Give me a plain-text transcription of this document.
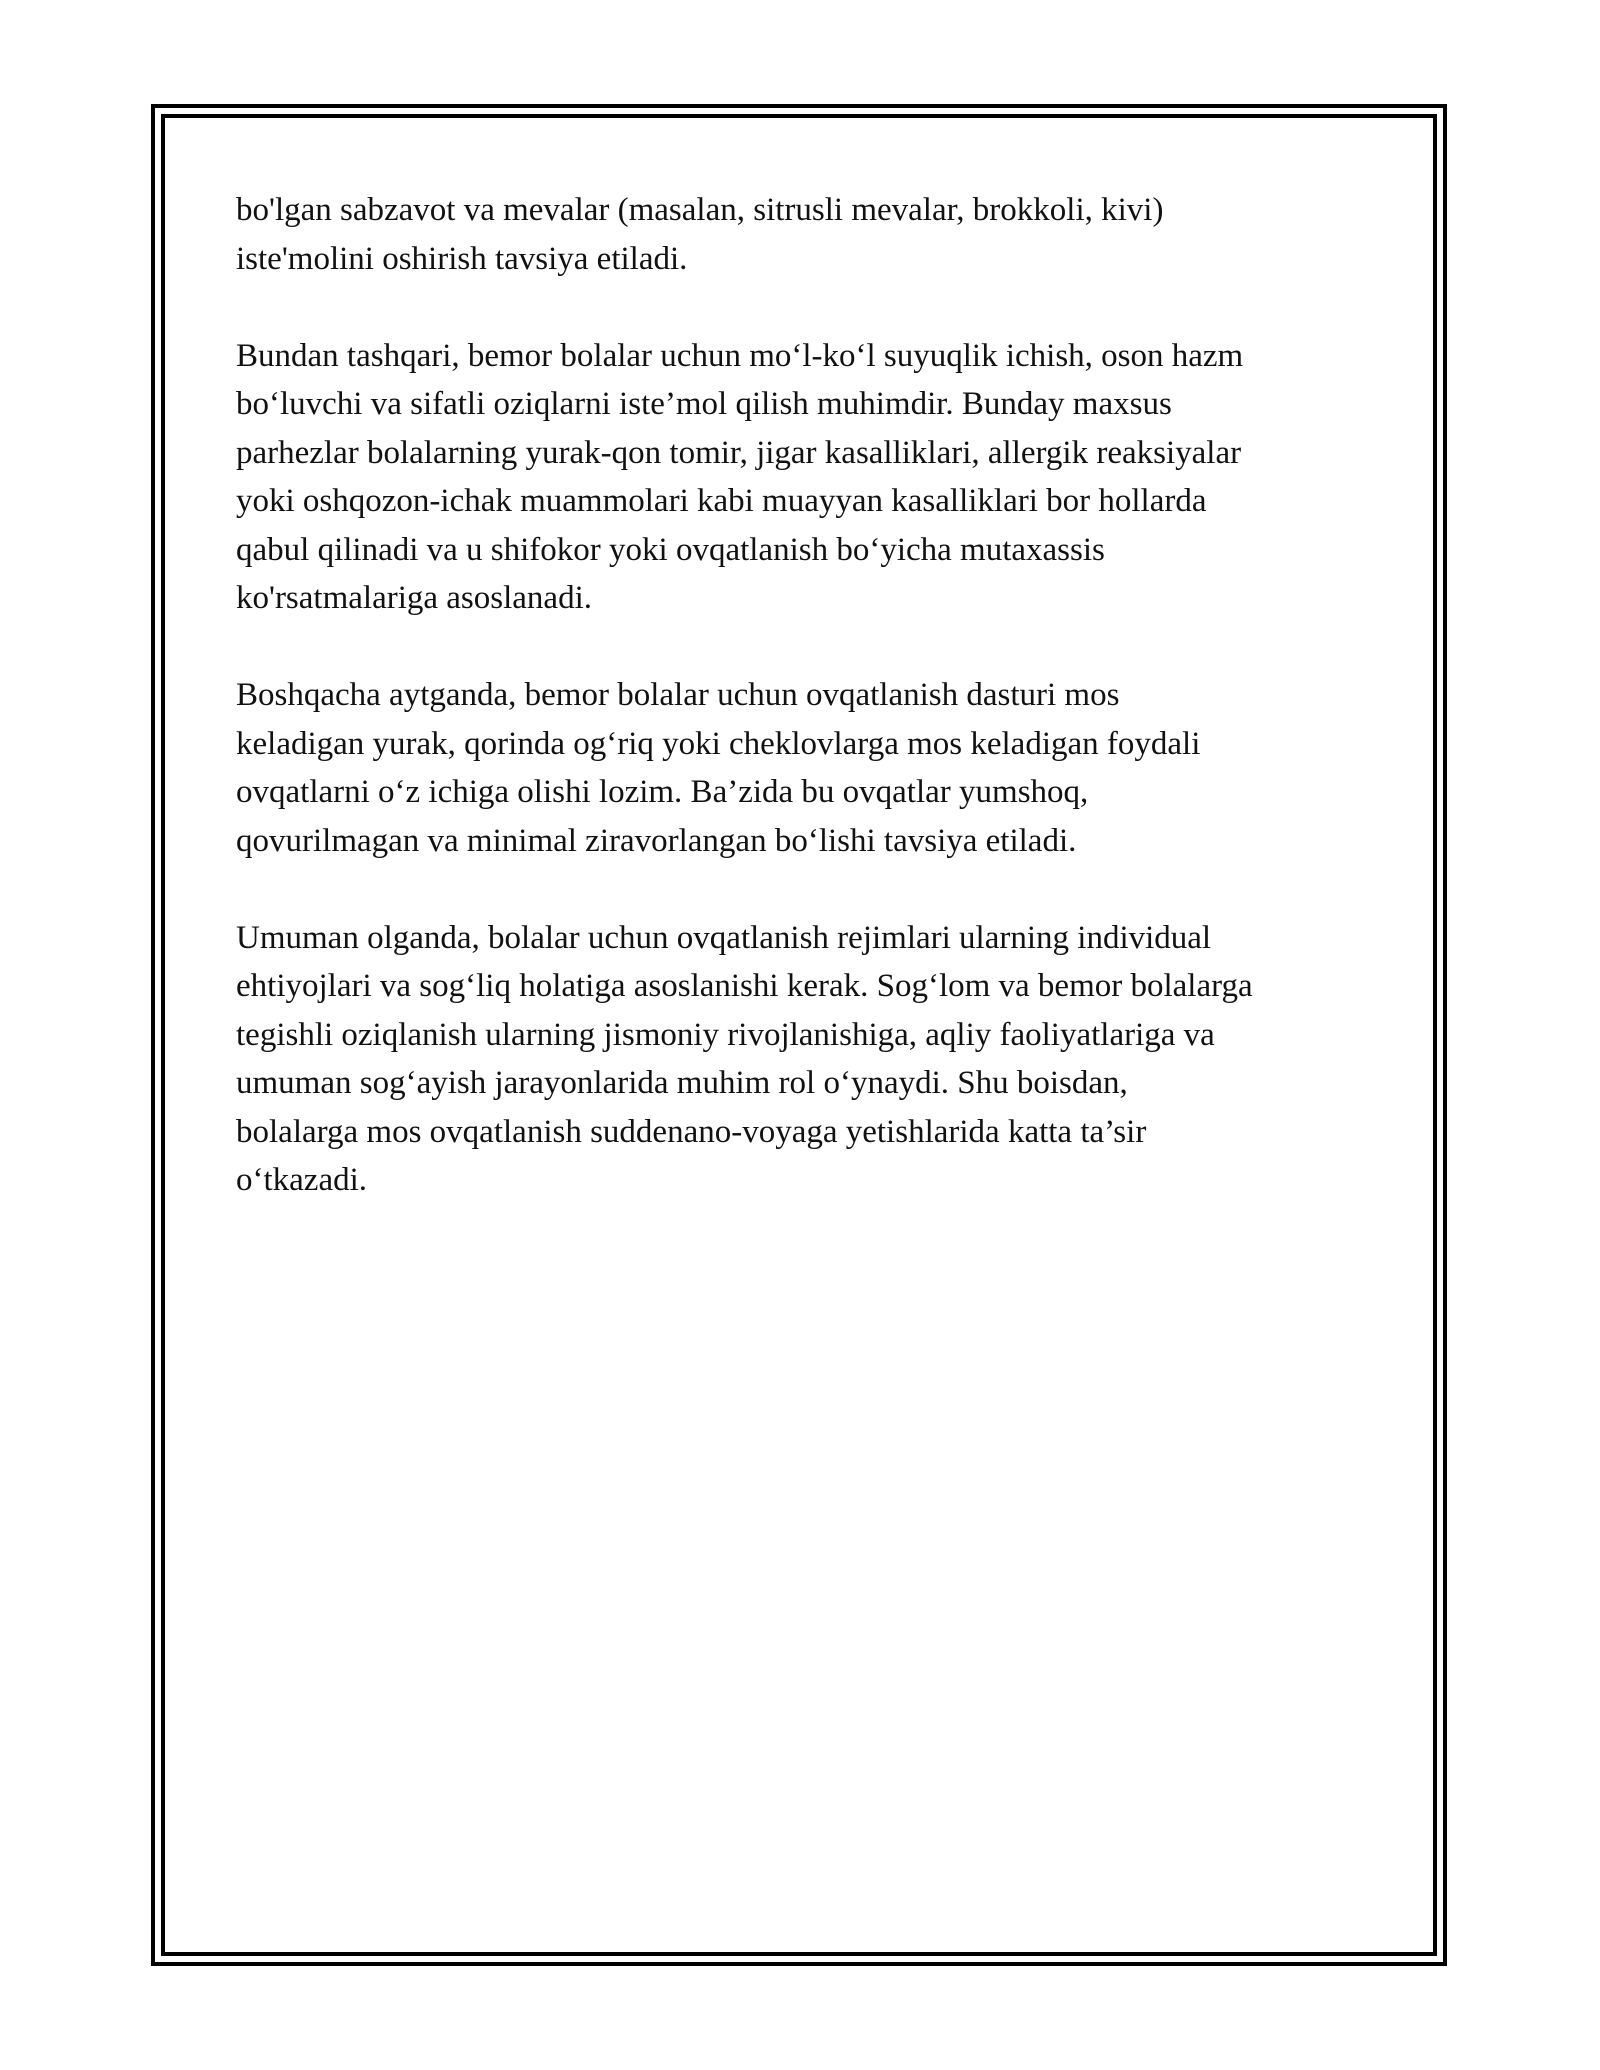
bo'lgan sabzavot va mevalar (masalan, sitrusli mevalar, brokkoli, kivi)
iste'molini oshirish tavsiya etiladi.

Bundan tashqari, bemor bolalar uchun mo‘l-ko‘l suyuqlik ichish, oson hazm
bo‘luvchi va sifatli oziqlarni iste’mol qilish muhimdir. Bunday maxsus
parhezlar bolalarning yurak-qon tomir, jigar kasalliklari, allergik reaksiyalar
yoki oshqozon-ichak muammolari kabi muayyan kasalliklari bor hollarda
qabul qilinadi va u shifokor yoki ovqatlanish bo‘yicha mutaxassis
ko'rsatmalariga asoslanadi.

Boshqacha aytganda, bemor bolalar uchun ovqatlanish dasturi mos
keladigan yurak, qorinda og‘riq yoki cheklovlarga mos keladigan foydali
ovqatlarni o‘z ichiga olishi lozim. Ba’zida bu ovqatlar yumshoq,
qovurilmagan va minimal ziravorlangan bo‘lishi tavsiya etiladi.

Umuman olganda, bolalar uchun ovqatlanish rejimlari ularning individual
ehtiyojlari va sog‘liq holatiga asoslanishi kerak. Sog‘lom va bemor bolalarga
tegishli oziqlanish ularning jismoniy rivojlanishiga, aqliy faoliyatlariga va
umuman sog‘ayish jarayonlarida muhim rol o‘ynaydi. Shu boisdan,
bolalarga mos ovqatlanish suddenano-voyaga yetishlarida katta ta’sir
o‘tkazadi.
